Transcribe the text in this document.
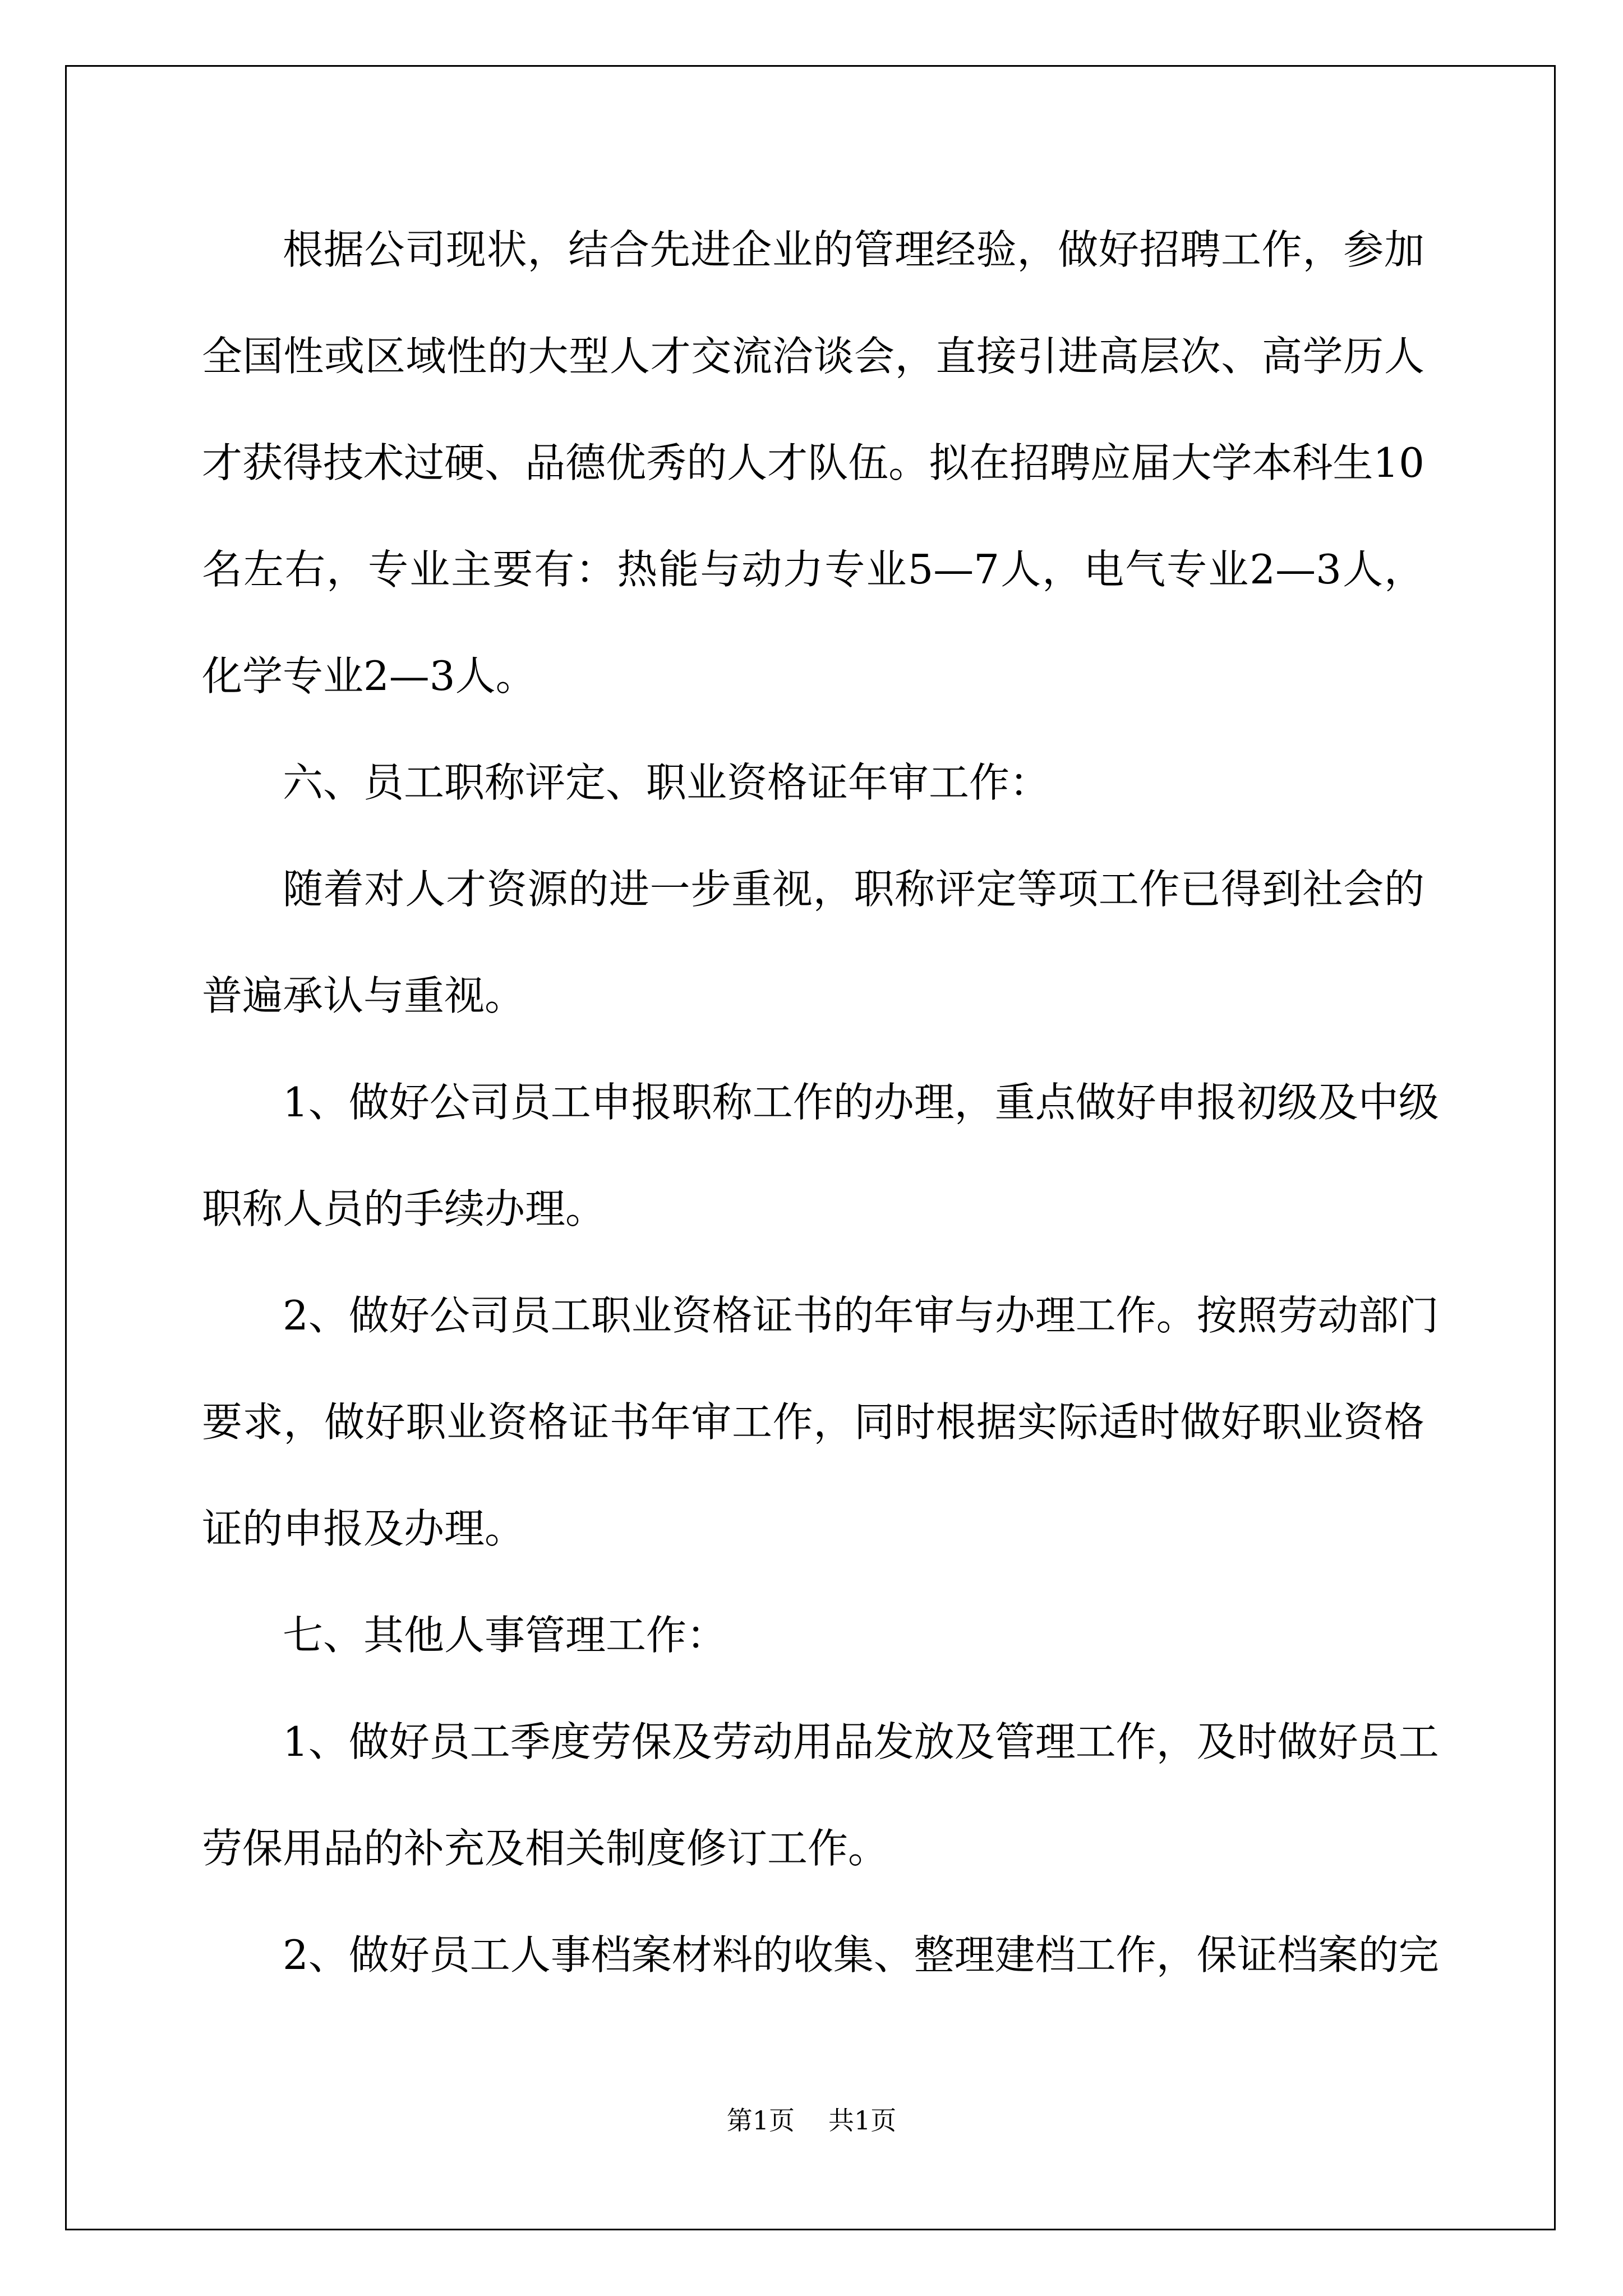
根据公司现状，结合先进企业的管理经验，做好招聘工作，参加
全国性或区域性的大型人才交流洽谈会，直接引进高层次、高学历人
才获得技术过硬、品德优秀的人才队伍。拟在招聘应届大学本科生10
名左右，专业主要有：热能与动力专业5—7人，电气专业2—3人，
化学专业2—3人。
六、员工职称评定、职业资格证年审工作：
随着对人才资源的进一步重视，职称评定等项工作已得到社会的
普遍承认与重视。
1、做好公司员工申报职称工作的办理，重点做好申报初级及中级
职称人员的手续办理。
2、做好公司员工职业资格证书的年审与办理工作。按照劳动部门
要求，做好职业资格证书年审工作，同时根据实际适时做好职业资格
证的申报及办理。
七、其他人事管理工作：
1、做好员工季度劳保及劳动用品发放及管理工作，及时做好员工
劳保用品的补充及相关制度修订工作。
2、做好员工人事档案材料的收集、整理建档工作，保证档案的完
第1页 共1页
